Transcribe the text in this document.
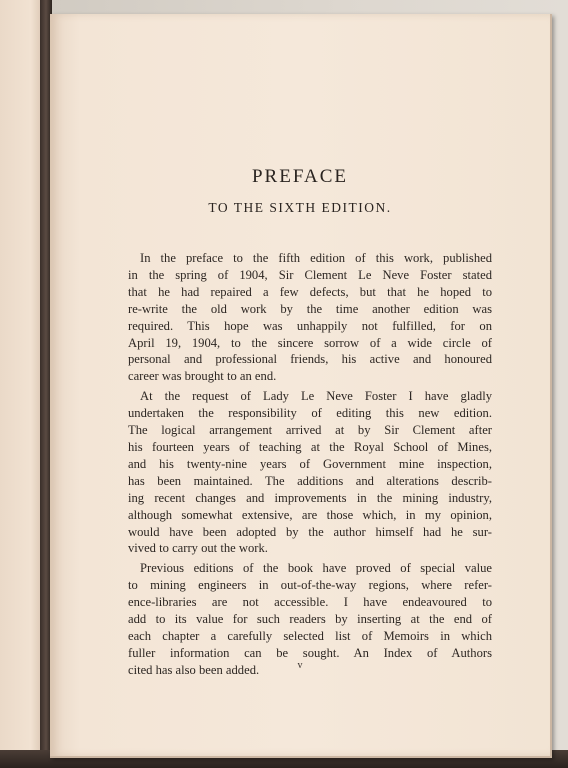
PREFACE
TO THE SIXTH EDITION.
In the preface to the fifth edition of this work, published
in the spring of 1904, Sir Clement Le Neve Foster stated
that he had repaired a few defects, but that he hoped to
re-write the old work by the time another edition was
required. This hope was unhappily not fulfilled, for on
April 19, 1904, to the sincere sorrow of a wide circle of
personal and professional friends, his active and honoured
career was brought to an end.
At the request of Lady Le Neve Foster I have gladly
undertaken the responsibility of editing this new edition.
The logical arrangement arrived at by Sir Clement after
his fourteen years of teaching at the Royal School of Mines,
and his twenty-nine years of Government mine inspection,
has been maintained. The additions and alterations describ-
ing recent changes and improvements in the mining industry,
although somewhat extensive, are those which, in my opinion,
would have been adopted by the author himself had he sur-
vived to carry out the work.
Previous editions of the book have proved of special value
to mining engineers in out-of-the-way regions, where refer-
ence-libraries are not accessible. I have endeavoured to
add to its value for such readers by inserting at the end of
each chapter a carefully selected list of Memoirs in which
fuller information can be sought. An Index of Authors
cited has also been added.	v
